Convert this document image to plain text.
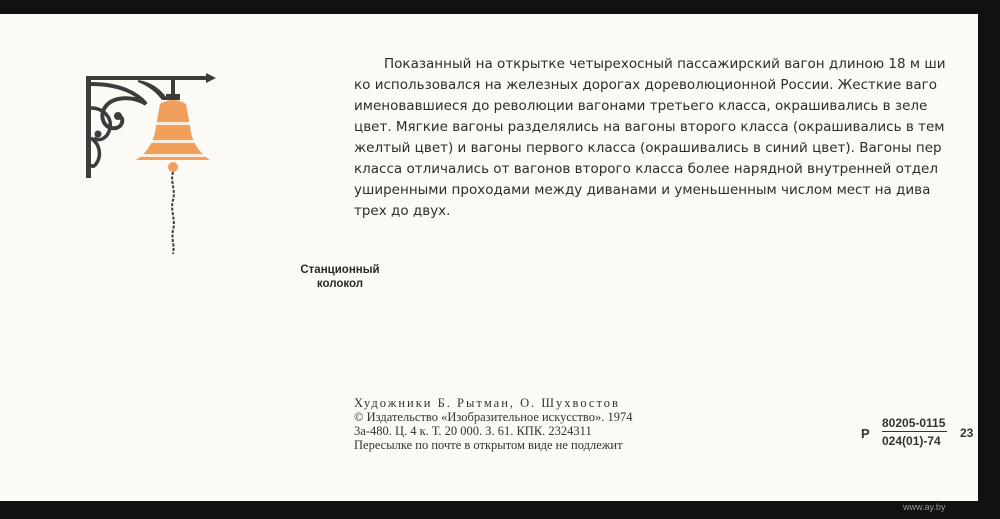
Показанный на открытке четырехосный пассажирский вагон длиною 18 м ши
ко использовался на железных дорогах дореволюционной России. Жесткие ваго
именовавшиеся до революции вагонами третьего класса, окрашивались в зеле
цвет. Мягкие вагоны разделялись на вагоны второго класса (окрашивались в тем
желтый цвет) и вагоны первого класса (окрашивались в синий цвет). Вагоны пер
класса отличались от вагонов второго класса более нарядной внутренней отдел
уширенными проходами между диванами и уменьшенным числом мест на дива
трех до двух.
Станционный
колокол
Художники Б. Рытман, О. Шухвостов
© Издательство «Изобразительное искусство». 1974
3а-480. Ц. 4 к. Т. 20 000. З. 61. КПК. 2324311
Пересылке по почте в открытом виде не подлежит
Р $\frac{80205-0115}{024(01)-74} 23$
www.ay.by
